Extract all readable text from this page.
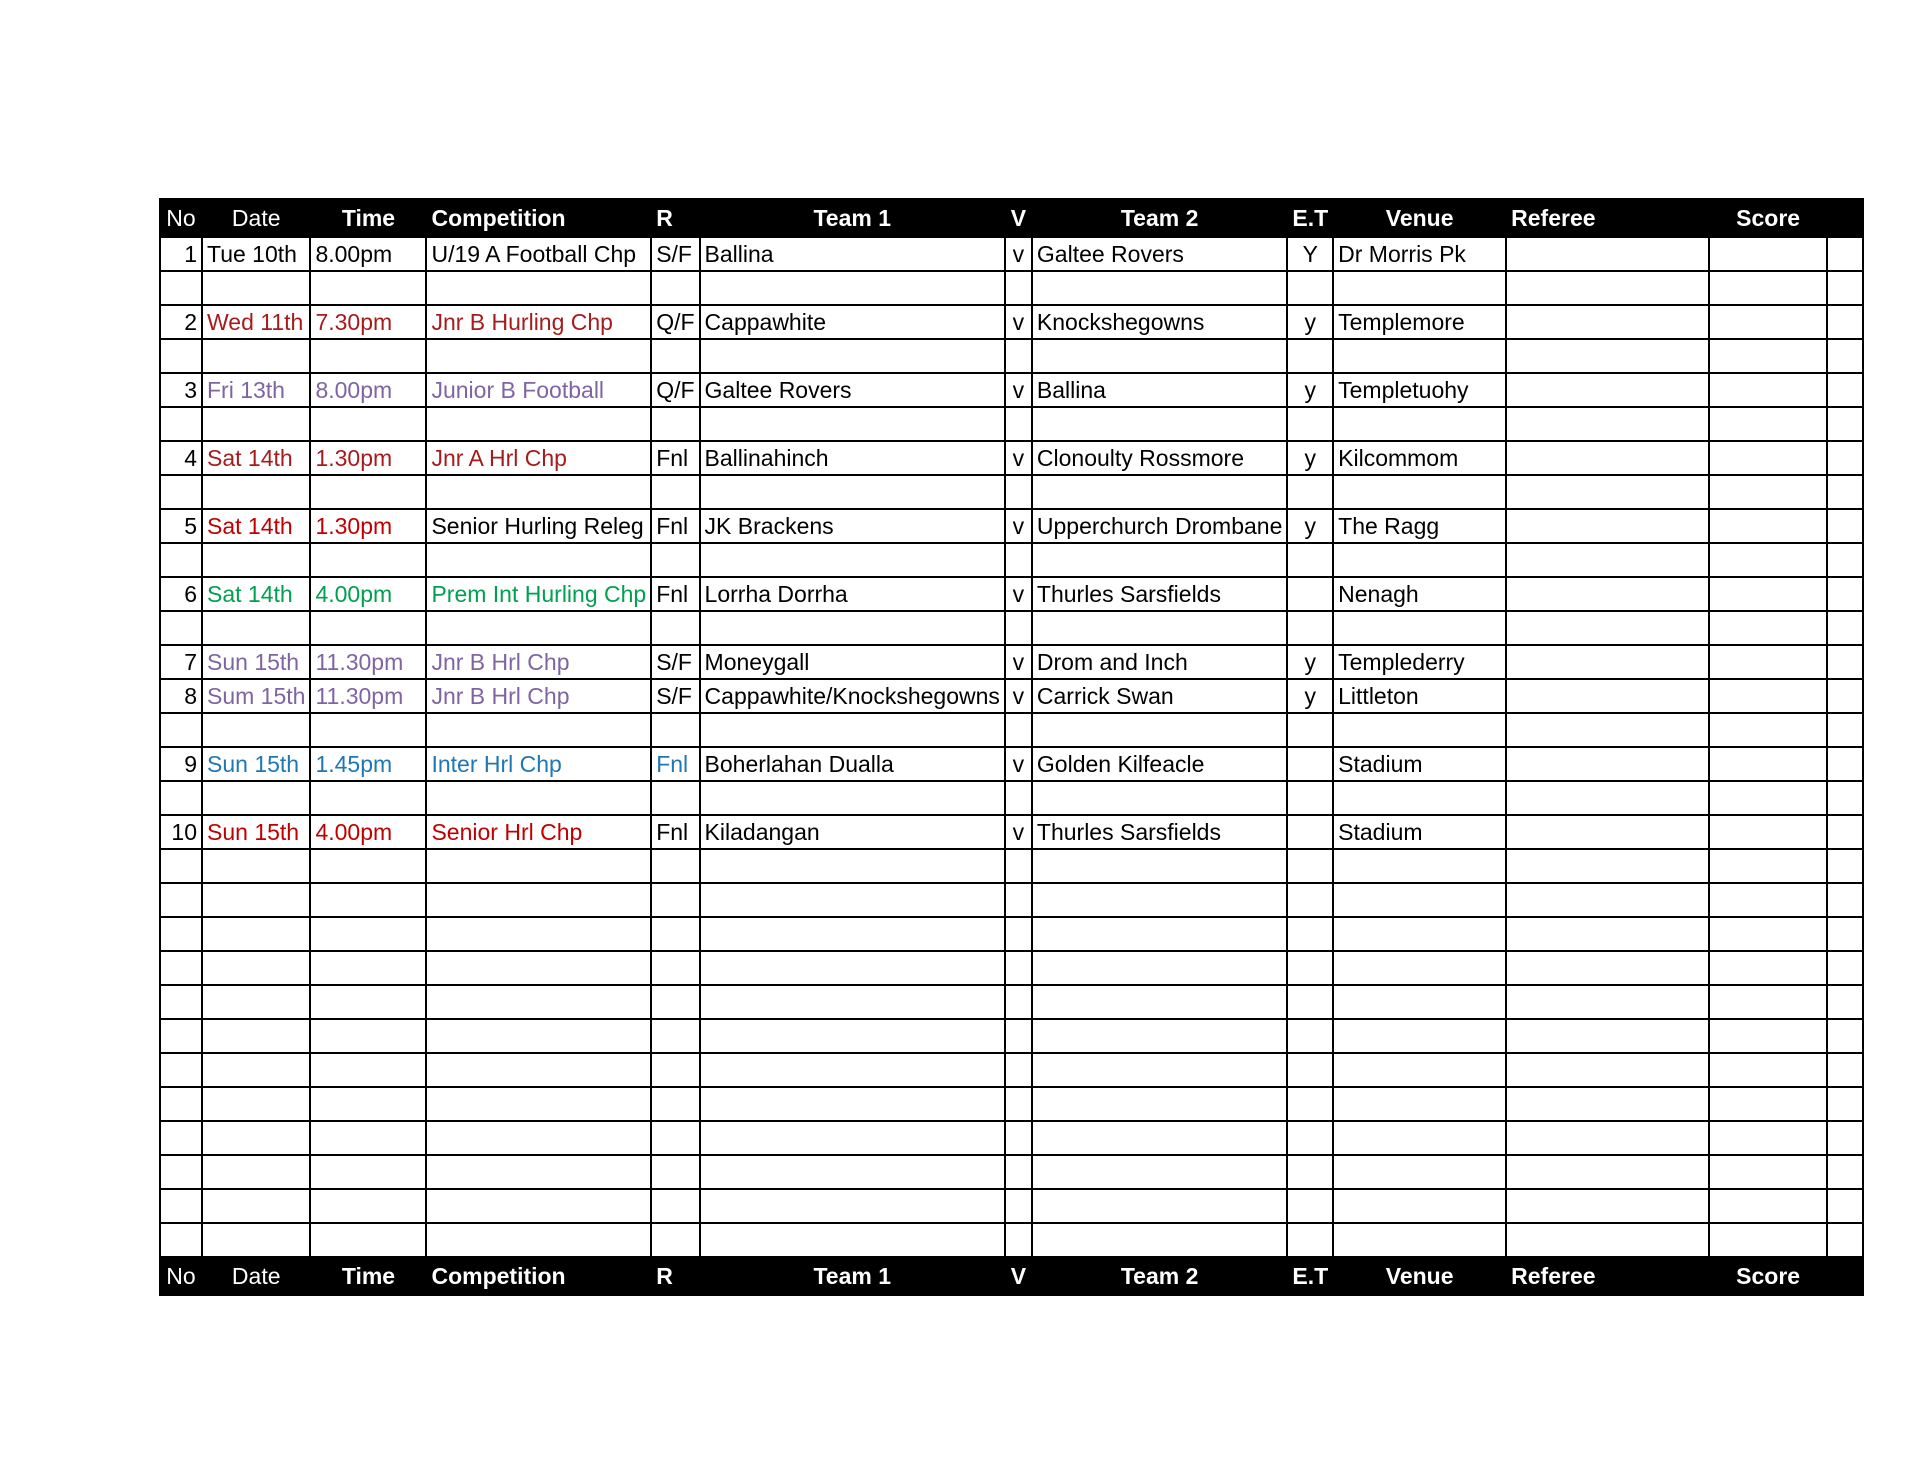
No	Date	Time	Competition	R	Team 1	V	Team 2	E.T	Venue	Referee	Score	
1	Tue 10th	8.00pm	U/19 A Football Chp	S/F	Ballina	v	Galtee Rovers	Y	Dr Morris Pk			

2	Wed 11th	7.30pm	Jnr B Hurling Chp	Q/F	Cappawhite	v	Knockshegowns	y	Templemore			

3	Fri 13th	8.00pm	Junior B Football	Q/F	Galtee Rovers	v	Ballina	y	Templetuohy			

4	Sat 14th	1.30pm	Jnr A Hrl Chp	Fnl	Ballinahinch	v	Clonoulty Rossmore	y	Kilcommom			

5	Sat 14th	1.30pm	Senior Hurling Releg	Fnl	JK Brackens	v	Upperchurch Drombane	y	The Ragg			

6	Sat 14th	4.00pm	Prem Int Hurling Chp	Fnl	Lorrha Dorrha	v	Thurles Sarsfields		Nenagh			

7	Sun 15th	11.30pm	Jnr B Hrl Chp	S/F	Moneygall	v	Drom and Inch	y	Templederry			
8	Sum 15th	11.30pm	Jnr B Hrl Chp	S/F	Cappawhite/Knockshegowns	v	Carrick Swan	y	Littleton			

9	Sun 15th	1.45pm	Inter Hrl Chp	Fnl	Boherlahan Dualla	v	Golden Kilfeacle		Stadium			

10	Sun 15th	4.00pm	Senior Hrl Chp	Fnl	Kiladangan	v	Thurles Sarsfields		Stadium			

No	Date	Time	Competition	R	Team 1	V	Team 2	E.T	Venue	Referee	Score	
